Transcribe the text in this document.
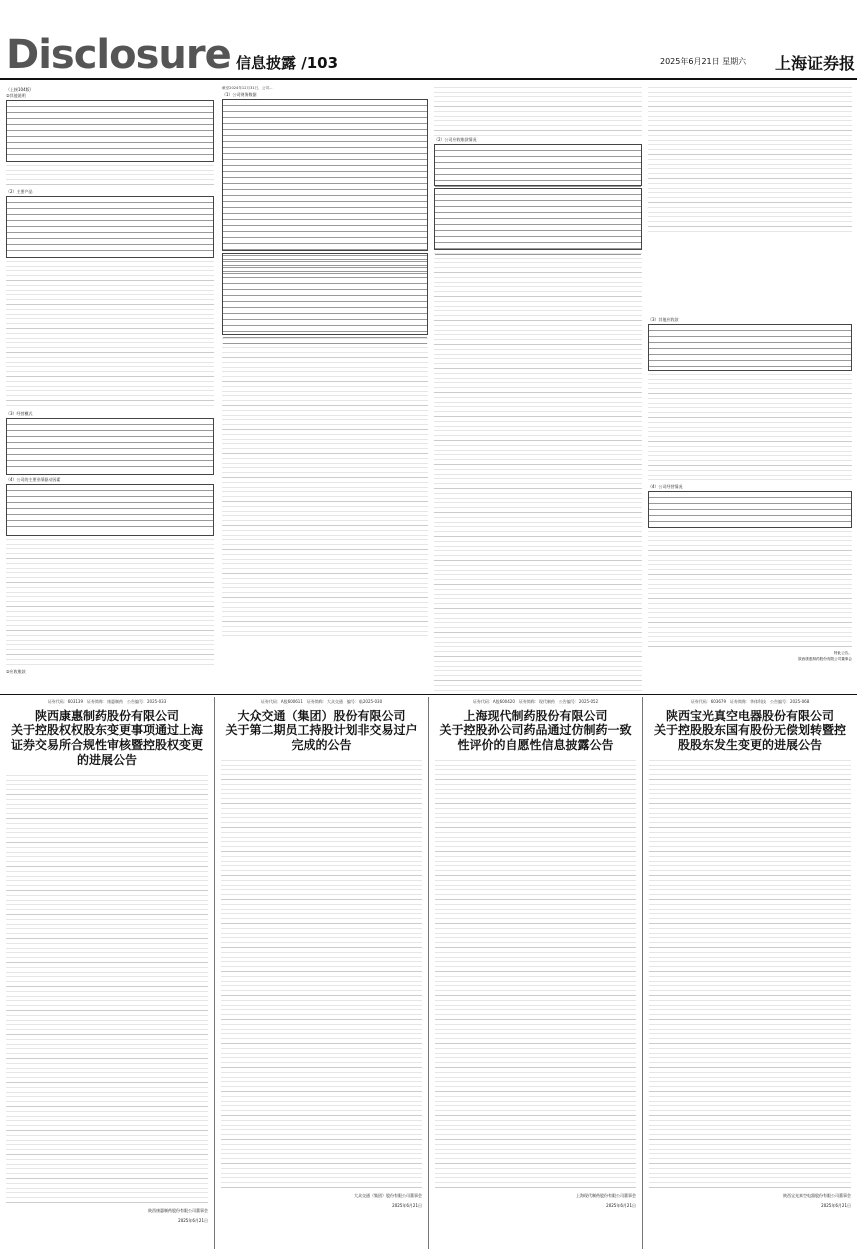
Disclosure 信息披露 /103	2025年6月21日 星期六 上海证券报
（上接104版）
②其他说明
（2）主要产品
（3）经营模式
（4）公司的主要业绩驱动因素
②应收账款
截至2024年12月31日，公司...
（1）公司财务数据
（2）公司应收账款情况
（3）其他应收款
（4）公司经营情况
特此公告。
陕西康惠制药股份有限公司董事会
证券代码：603139　证券简称：康惠制药　公告编号：2025-033
陕西康惠制药股份有限公司
关于控股权权股东变更事项通过上海证券交易所合规性审核暨控股权变更的进展公告
陕西康惠制药股份有限公司董事会
2025年6月21日
证券代码：A股600611　证券简称：大众交通　编号：临2025-030
大众交通（集团）股份有限公司
关于第二期员工持股计划非交易过户完成的公告
大众交通（集团）股份有限公司董事会
2025年6月21日
证券代码：A股600420　证券简称：现代制药　公告编号：2025-052
上海现代制药股份有限公司
关于控股孙公司药品通过仿制药一致性评价的自愿性信息披露公告
上海现代制药股份有限公司董事会
2025年6月21日
证券代码：603679　证券简称：华体科技　公告编号：2025-068
陕西宝光真空电器股份有限公司
关于控股股东国有股份无偿划转暨控股股东发生变更的进展公告
陕西宝光真空电器股份有限公司董事会
2025年6月21日
